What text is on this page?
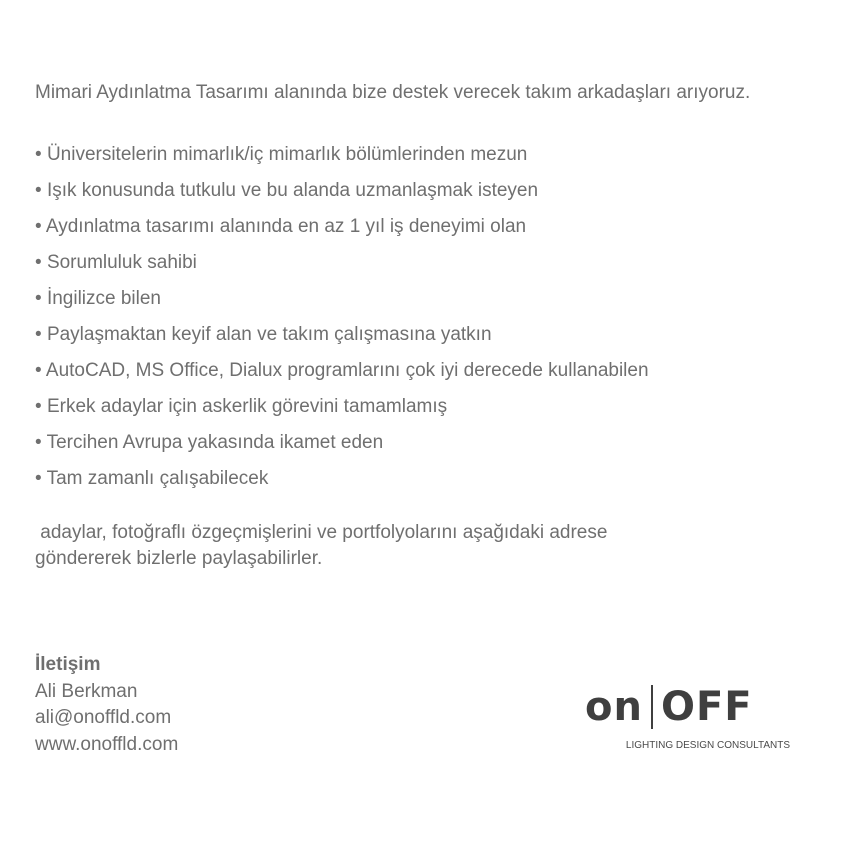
Mimari Aydınlatma Tasarımı alanında bize destek verecek takım arkadaşları arıyoruz.
• Üniversitelerin mimarlık/iç mimarlık bölümlerinden mezun
• Işık konusunda tutkulu ve bu alanda uzmanlaşmak isteyen
• Aydınlatma tasarımı alanında en az 1 yıl iş deneyimi olan
• Sorumluluk sahibi
• İngilizce bilen
• Paylaşmaktan keyif alan ve takım çalışmasına yatkın
• AutoCAD, MS Office, Dialux programlarını çok iyi derecede kullanabilen
• Erkek adaylar için askerlik görevini tamamlamış
• Tercihen Avrupa yakasında ikamet eden
• Tam zamanlı çalışabilecek

adaylar, fotoğraflı özgeçmişlerini ve portfolyolarını aşağıdaki adrese
göndererek bizlerle paylaşabilirler.

İletişim
Ali Berkman
ali@onoffld.com
www.onoffld.com
on OFF
LIGHTING DESIGN CONSULTANTS
